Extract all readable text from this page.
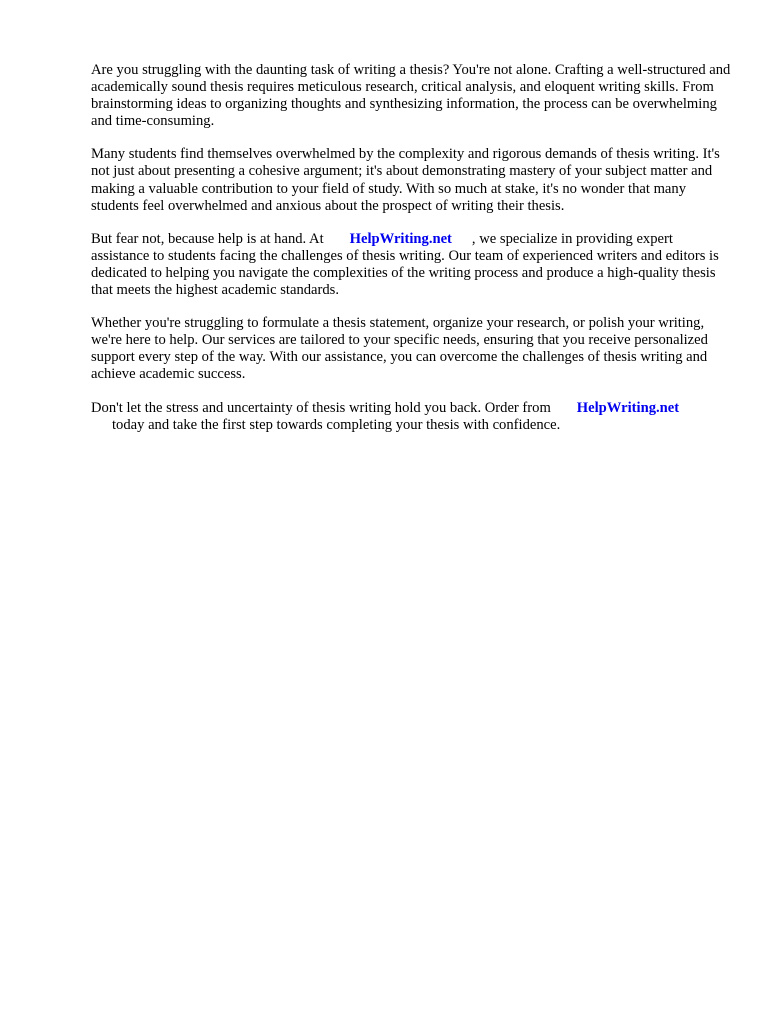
Are you struggling with the daunting task of writing a thesis? You're not alone. Crafting a well-structured and academically sound thesis requires meticulous research, critical analysis, and eloquent writing skills. From brainstorming ideas to organizing thoughts and synthesizing information, the process can be overwhelming and time-consuming.

Many students find themselves overwhelmed by the complexity and rigorous demands of thesis writing. It's not just about presenting a cohesive argument; it's about demonstrating mastery of your subject matter and making a valuable contribution to your field of study. With so much at stake, it's no wonder that many students feel overwhelmed and anxious about the prospect of writing their thesis.

But fear not, because help is at hand. At HelpWriting.net , we specialize in providing expert assistance to students facing the challenges of thesis writing. Our team of experienced writers and editors is dedicated to helping you navigate the complexities of the writing process and produce a high-quality thesis that meets the highest academic standards.

Whether you're struggling to formulate a thesis statement, organize your research, or polish your writing, we're here to help. Our services are tailored to your specific needs, ensuring that you receive personalized support every step of the way. With our assistance, you can overcome the challenges of thesis writing and achieve academic success.

Don't let the stress and uncertainty of thesis writing hold you back. Order from HelpWriting.net
today and take the first step towards completing your thesis with confidence.
